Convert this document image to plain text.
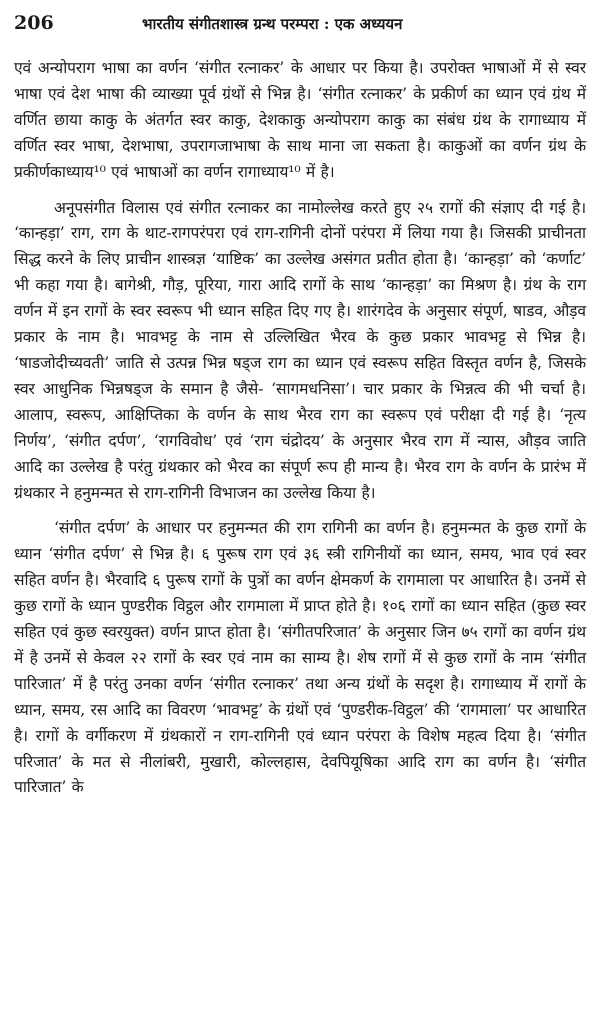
206	भारतीय संगीतशास्त्र ग्रन्थ परम्परा : एक अध्ययन

एवं अन्योपराग भाषा का वर्णन ‘संगीत रत्नाकर’ के आधार पर किया है। उपरोक्त भाषाओं में से स्वर भाषा एवं देश भाषा की व्याख्या पूर्व ग्रंथों से भिन्न है। ‘संगीत रत्नाकर’ के प्रकीर्ण का ध्यान एवं ग्रंथ में वर्णित छाया काकु के अंतर्गत स्वर काकु, देशकाकु अन्योपराग काकु का संबंध ग्रंथ के रागाध्याय में वर्णित स्वर भाषा, देशभाषा, उपरागजाभाषा के साथ माना जा सकता है। काकुओं का वर्णन ग्रंथ के प्रकीर्णकाध्याय¹⁰ एवं भाषाओं का वर्णन रागाध्याय¹⁰ में है।

अनूपसंगीत विलास एवं संगीत रत्नाकर का नामोल्लेख करते हुए २५ रागों की संज्ञाए दी गई है। ‘कान्हड़ा’ राग, राग के थाट-रागपरंपरा एवं राग-रागिनी दोनों परंपरा में लिया गया है। जिसकी प्राचीनता सिद्ध करने के लिए प्राचीन शास्त्रज्ञ ‘याष्टिक’ का उल्लेख असंगत प्रतीत होता है। ‘कान्हड़ा’ को ‘कर्णाट’ भी कहा गया है। बागेश्री, गौड़, पूरिया, गारा आदि रागों के साथ ‘कान्हड़ा’ का मिश्रण है। ग्रंथ के राग वर्णन में इन रागों के स्वर स्वरूप भी ध्यान सहित दिए गए है। शारंगदेव के अनुसार संपूर्ण, षाडव, औड़व प्रकार के नाम है। भावभट्ट के नाम से उल्लिखित भैरव के कुछ प्रकार भावभट्ट से भिन्न है। ‘षाडजोदीच्यवती’ जाति से उत्पन्न भिन्न षड्ज राग का ध्यान एवं स्वरूप सहित विस्तृत वर्णन है, जिसके स्वर आधुनिक भिन्नषड्ज के समान है जैसे- ‘सागमधनिसा’। चार प्रकार के भिन्नत्व की भी चर्चा है। आलाप, स्वरूप, आक्षिप्तिका के वर्णन के साथ भैरव राग का स्वरूप एवं परीक्षा दी गई है। ‘नृत्य निर्णय’, ‘संगीत दर्पण’, ‘रागविवोध’ एवं ‘राग चंद्रोदय’ के अनुसार भैरव राग में न्यास, औड़व जाति आदि का उल्लेख है परंतु ग्रंथकार को भैरव का संपूर्ण रूप ही मान्य है। भैरव राग के वर्णन के प्रारंभ में ग्रंथकार ने हनुमन्मत से राग-रागिनी विभाजन का उल्लेख किया है।

‘संगीत दर्पण’ के आधार पर हनुमन्मत की राग रागिनी का वर्णन है। हनुमन्मत के कुछ रागों के ध्यान ‘संगीत दर्पण’ से भिन्न है। ६ पुरूष राग एवं ३६ स्त्री रागिनीयों का ध्यान, समय, भाव एवं स्वर सहित वर्णन है। भैरवादि ६ पुरूष रागों के पुत्रों का वर्णन क्षेमकर्ण के रागमाला पर आधारित है। उनमें से कुछ रागों के ध्यान पुण्डरीक विट्ठल और रागमाला में प्राप्त होते है। १०६ रागों का ध्यान सहित (कुछ स्वर सहित एवं कुछ स्वरयुक्त) वर्णन प्राप्त होता है। ‘संगीतपरिजात’ के अनुसार जिन ७५ रागों का वर्णन ग्रंथ में है उनमें से केवल २२ रागों के स्वर एवं नाम का साम्य है। शेष रागों में से कुछ रागों के नाम ‘संगीत पारिजात’ में है परंतु उनका वर्णन ‘संगीत रत्नाकर’ तथा अन्य ग्रंथों के सदृश है। रागाध्याय में रागों के ध्यान, समय, रस आदि का विवरण ‘भावभट्ट’ के ग्रंथों एवं ‘पुण्डरीक-विट्ठल’ की ‘रागमाला’ पर आधारित है। रागों के वर्गीकरण में ग्रंथकारों न राग-रागिनी एवं ध्यान परंपरा के विशेष महत्व दिया है। ‘संगीत परिजात’ के मत से नीलांबरी, मुखारी, कोल्लहास, देवपियूषिका आदि राग का वर्णन है। ‘संगीत पारिजात’ के
